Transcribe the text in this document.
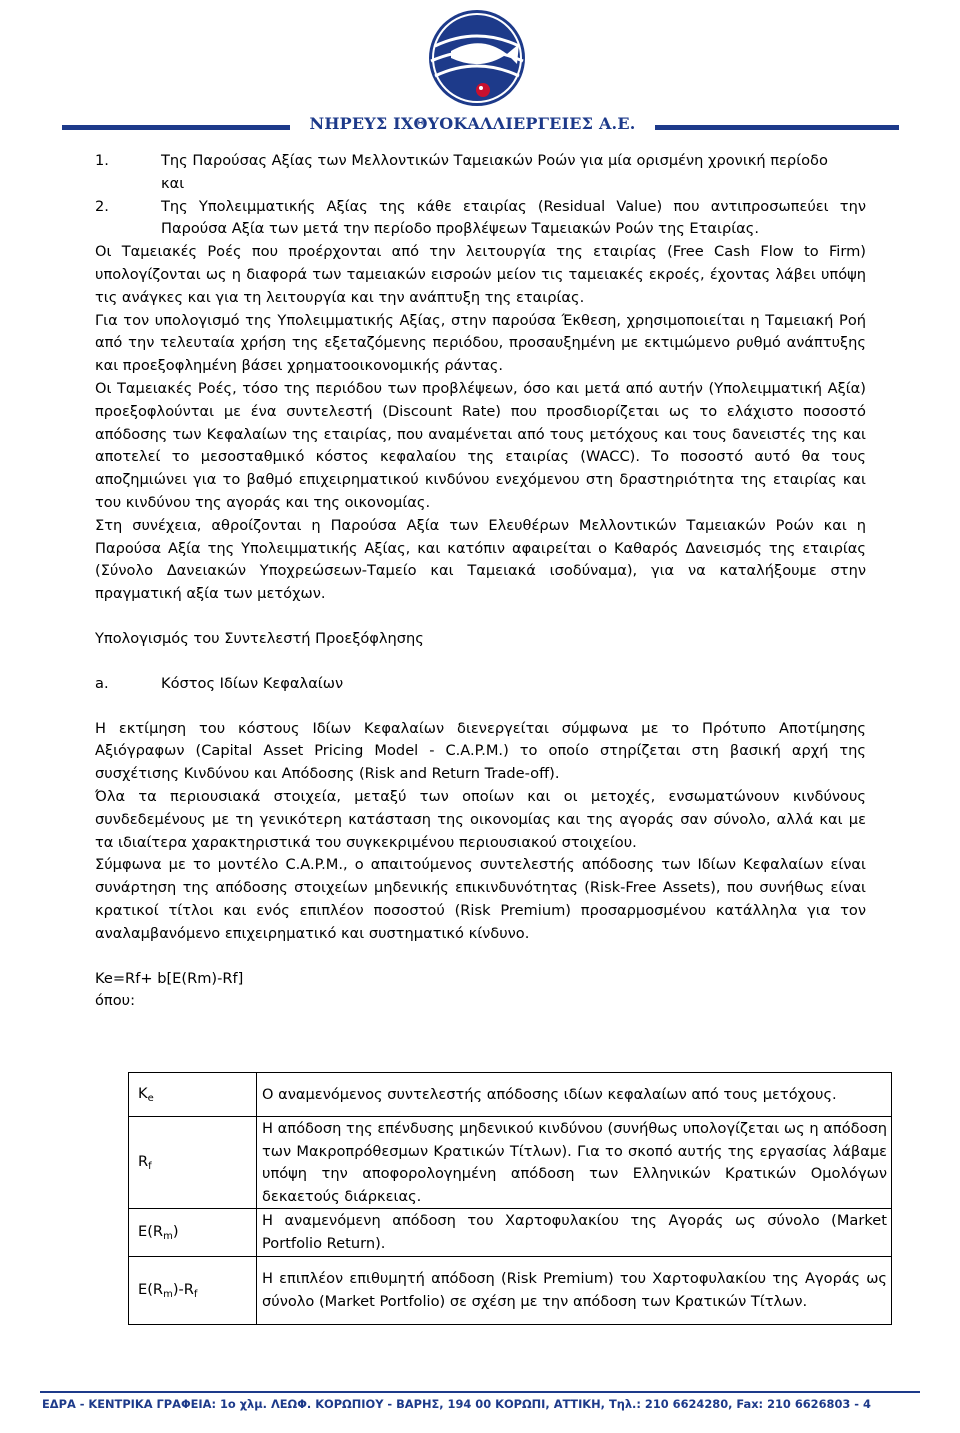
ΝΗΡΕΥΣ ΙΧΘΥΟΚΑΛΛΙΕΡΓΕΙΕΣ Α.Ε.
1.	Της Παρούσας Αξίας των Μελλοντικών Ταμειακών Ροών για μία ορισμένη χρονική περίοδο

και

2.	Της Υπολειμματικής Αξίας της κάθε εταιρίας (Residual Value) που αντιπροσωπεύει την Παρούσα Αξία των μετά την περίοδο προβλέψεων Ταμειακών Ροών της Εταιρίας.

Οι Ταμειακές Ροές που προέρχονται από την λειτουργία της εταιρίας (Free Cash Flow to Firm) υπολογίζονται ως η διαφορά των ταμειακών εισροών μείον τις ταμειακές εκροές, έχοντας λάβει υπόψη τις ανάγκες και για τη λειτουργία και την ανάπτυξη της εταιρίας.

Για τον υπολογισμό της Υπολειμματικής Αξίας, στην παρούσα Έκθεση, χρησιμοποιείται η Ταμειακή Ροή από την τελευταία χρήση της εξεταζόμενης περιόδου, προσαυξημένη με εκτιμώμενο ρυθμό ανάπτυξης και προεξοφλημένη βάσει χρηματοοικονομικής ράντας.

Οι Ταμειακές Ροές, τόσο της περιόδου των προβλέψεων, όσο και μετά από αυτήν (Υπολειμματική Αξία) προεξοφλούνται με ένα συντελεστή (Discount Rate) που προσδιορίζεται ως το ελάχιστο ποσοστό απόδοσης των Κεφαλαίων της εταιρίας, που αναμένεται από τους μετόχους και τους δανειστές της και αποτελεί το μεσοσταθμικό κόστος κεφαλαίου της εταιρίας (WACC). Το ποσοστό αυτό θα τους αποζημιώνει για το βαθμό επιχειρηματικού κινδύνου ενεχόμενου στη δραστηριότητα της εταιρίας και του κινδύνου της αγοράς και της οικονομίας.

Στη συνέχεια, αθροίζονται η Παρούσα Αξία των Ελευθέρων Μελλοντικών Ταμειακών Ροών και η Παρούσα Αξία της Υπολειμματικής Αξίας, και κατόπιν αφαιρείται ο Καθαρός Δανεισμός της εταιρίας (Σύνολο Δανειακών Υποχρεώσεων-Ταμείο και Ταμειακά ισοδύναμα), για να καταλήξουμε στην πραγματική αξία των μετόχων.

Υπολογισμός του Συντελεστή Προεξόφλησης

a.	Κόστος Ιδίων Κεφαλαίων

Η εκτίμηση του κόστους Ιδίων Κεφαλαίων διενεργείται σύμφωνα με το Πρότυπο Αποτίμησης Αξιόγραφων (Capital Asset Pricing Model - C.A.P.M.) το οποίο στηρίζεται στη βασική αρχή της συσχέτισης Κινδύνου και Απόδοσης (Risk and Return Trade-off).

Όλα τα περιουσιακά στοιχεία, μεταξύ των οποίων και οι μετοχές, ενσωματώνουν κινδύνους συνδεδεμένους με τη γενικότερη κατάσταση της οικονομίας και της αγοράς σαν σύνολο, αλλά και με τα ιδιαίτερα χαρακτηριστικά του συγκεκριμένου περιουσιακού στοιχείου.

Σύμφωνα με το μοντέλο C.A.P.M., ο απαιτούμενος συντελεστής απόδοσης των Ιδίων Κεφαλαίων είναι συνάρτηση της απόδοσης στοιχείων μηδενικής επικινδυνότητας (Risk-Free Assets), που συνήθως είναι κρατικοί τίτλοι και ενός επιπλέον ποσοστού (Risk Premium) προσαρμοσμένου κατάλληλα για τον αναλαμβανόμενο επιχειρηματικό και συστηματικό κίνδυνο.

Ke=Rf+ b[E(Rm)-Rf]

όπου:

$K_e$	Ο αναμενόμενος συντελεστής απόδοσης ιδίων κεφαλαίων από τους μετόχους.
$R_f$	Η απόδοση της επένδυσης μηδενικού κινδύνου (συνήθως υπολογίζεται ως η απόδοση των Μακροπρόθεσμων Κρατικών Τίτλων). Για το σκοπό αυτής της εργασίας λάβαμε υπόψη την αποφορολογημένη απόδοση των Ελληνικών Κρατικών Ομολόγων δεκαετούς διάρκειας.
$E(R_m)$	Η αναμενόμενη απόδοση του Χαρτοφυλακίου της Αγοράς ως σύνολο (Market Portfolio Return).
$E(R_m)-R_f$	Η επιπλέον επιθυμητή απόδοση (Risk Premium) του Χαρτοφυλακίου της Αγοράς ως σύνολο (Market Portfolio) σε σχέση με την απόδοση των Κρατικών Τίτλων.
ΕΔΡΑ - ΚΕΝΤΡΙΚΑ ΓΡΑΦΕΙΑ: 1ο χλμ. ΛΕΩΦ. ΚΟΡΩΠΙΟΥ - ΒΑΡΗΣ, 194 00 ΚΟΡΩΠΙ, ΑΤΤΙΚΗ, Τηλ.: 210 6624280, Fax: 210 6626803 - 4
